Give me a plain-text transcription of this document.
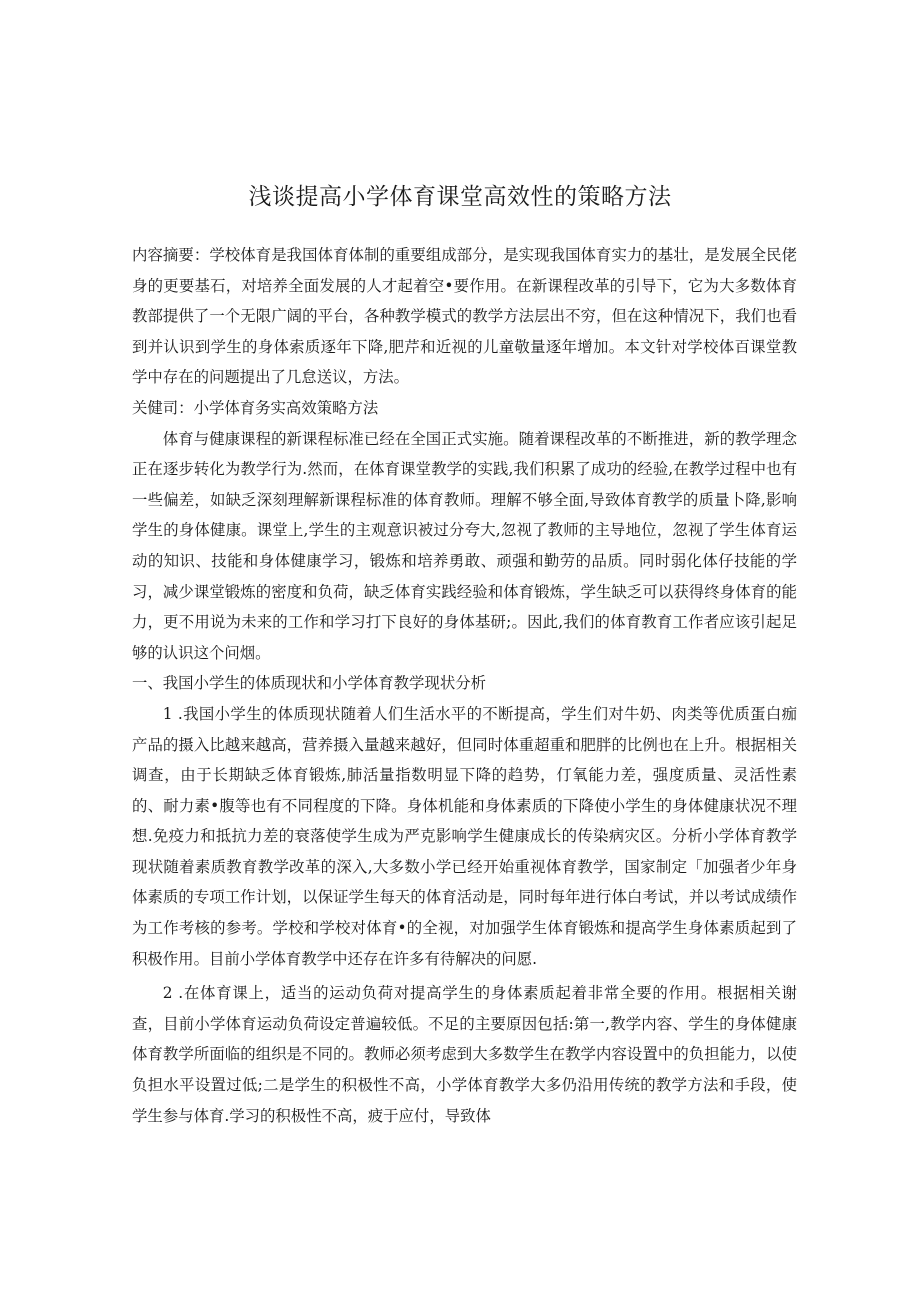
浅谈提高小学体育课堂高效性的策略方法

内容摘要：学校体育是我国体育体制的重要组成部分，是实现我国体育实力的基壮，是发展全民佬身的更要基石，对培养全面发展的人才起着空•要作用。在新课程改革的引导下，它为大多数体育教部提供了一个无限广阔的平台，各种教学模式的教学方法层出不穷，但在这种情况下，我们也看到并认识到学生的身体索质逐年下降,肥芹和近视的儿童敬量逐年增加。本文针对学校体百课堂教学中存在的问题提出了几怠送议，方法。

关健司：小学体育务实高效策略方法

体育与健康课程的新课程标准已经在全国正式实施。随着课程改革的不断推进，新的教学理念正在逐步转化为教学行为.然而，在体育课堂教学的实践,我们积累了成功的经验,在教学过程中也有一些偏差，如缺乏深刻理解新课程标准的体育教师。理解不够全面,导致体育教学的质量卜降,影响学生的身体健康。课堂上,学生的主观意识被过分夸大,忽视了教师的主导地位，忽视了学生体育运动的知识、技能和身体健康学习，锻炼和培养勇敢、顽强和勤劳的品质。同时弱化体仔技能的学习，减少课堂锻炼的密度和负荷，缺乏体育实践经验和体育锻炼，学生缺乏可以获得终身体育的能力，更不用说为未来的工作和学习打下良好的身体基研;。因此,我们的体育教育工作者应该引起足够的认识这个问烟。

一、我国小学生的体质现状和小学体育教学现状分析

1 .我国小学生的体质现状随着人们生活水平的不断提高，学生们对牛奶、肉类等优质蛋白痂产品的摄入比越来越高，营养摄入量越来越好，但同时体重超重和肥胖的比例也在上升。根据相关调查，由于长期缺乏体育锻炼,肺活量指数明显下降的趋势，仃氧能力差，强度质量、灵活性素的、耐力素•腹等也有不同程度的下降。身体机能和身体素质的下降使小学生的身体健康状况不理想.免疫力和抵抗力差的衰落使学生成为严克影响学生健康成长的传染病灾区。分析小学体育教学现状随着素质教育教学改革的深入,大多数小学已经开始重视体育教学，国家制定「加强者少年身体素质的专项工作计划，以保证学生每天的体育活动是，同时每年进行体白考试，并以考试成绩作为工作考核的参考。学校和学校对体育•的全视，对加强学生体育锻炼和提高学生身体素质起到了积极作用。目前小学体育教学中还存在许多有待解决的问愿.

2 .在体育课上，适当的运动负荷对提高学生的身体素质起着非常全要的作用。根据相关谢查，目前小学体育运动负荷设定普遍较低。不足的主要原因包括:第一,教学内容、学生的身体健康体育教学所面临的组织是不同的。教师必须考虑到大多数学生在教学内容设置中的负担能力，以使负担水平设置过低;二是学生的积极性不高，小学体育教学大多仍沿用传统的教学方法和手段，使学生参与体育.学习的积极性不高，疲于应付，导致体
